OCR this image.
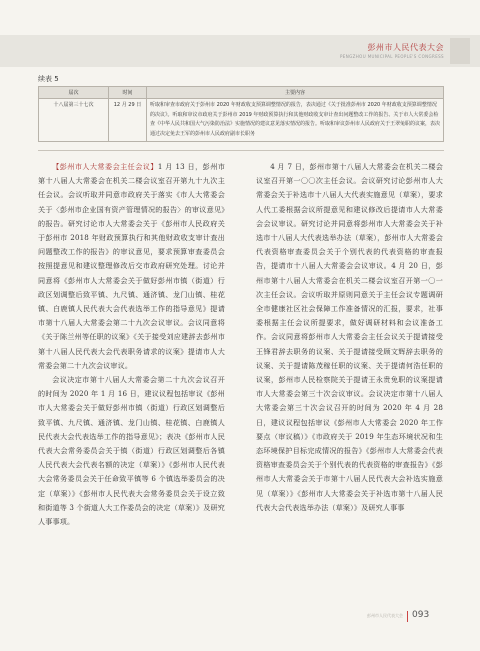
彭州市人民代表大会
PENGZHOU MUNICIPAL PEOPLE'S CONGRESS
续表 5
届次	时间	主要内容
十八届第三十七次	12 月 29 日	听取和审查市政府关于彭州市 2020 年财政收支预算调整情况的报告，表决通过《关于批准彭州市 2020 年财政收支预算调整情况的决议》。听取和审议市政府关于彭州市 2019 年财政预算执行和其他财政收支审计查出问题整改工作的报告、关于市人大常委会检查《中华人民共和国大气污染防治法》实施情况的建议意见落实情况的报告。听取和审议彭州市人民政府关于王翠兔职的议案，表决通过决定免去王军的彭州市人民政府副市长职务

【彭州市人大常委会主任会议】1 月 13 日，彭州市第十八届人大常委会在机关二楼会议室召开第九十九次主任会议。会议听取并同意市政府关于落实《市人大常委会关于〈彭州市企业国有资产管理情况的报告〉的审议意见》的报告。研究讨论市人大常委会关于《彭州市人民政府关于彭州市 2018 年财政预算执行和其他财政收支审计查出问题整改工作的报告》的审议意见，要求预算审查委员会按照提意见和建议整理修改后交市政府研究处理。讨论并同意将《彭州市人大常委会关于做好彭州市镇（街道）行政区划调整后致平镇、九尺镇、通济镇、龙门山镇、桂花镇、白鹿镇人民代表大会代表选举工作的指导意见》提请市第十八届人大常委会第二十九次会议审议。会议同意将《关于陈兰州等任职的议案》《关于接受刘应建辞去彭州市第十八届人民代表大会代表职务请求的议案》提请市人大常委会第二十九次会议审议。

会议决定市第十八届人大常委会第二十九次会议召开的时间为 2020 年 1 月 16 日，建议议程包括审议《彭州市人大常委会关于做好彭州市镇（街道）行政区划调整后致平镇、九尺镇、通济镇、龙门山镇、桂花镇、白鹿镇人民代表大会代表选举工作的指导意见》；表决《彭州市人民代表大会常务委员会关于镇（街道）行政区划调整后各镇人民代表大会代表名额的决定（草案）》《彭州市人民代表大会常务委员会关于任命致平镇等 6 个镇选举委员会的决定（草案）》《彭州市人民代表大会常务委员会关于设立致和街道等 3 个街道人大工作委员会的决定（草案）》及研究人事事项。

4 月 7 日，彭州市第十八届人大常委会在机关二楼会议室召开第一〇〇次主任会议。会议研究讨论彭州市人大常委会关于补选市十八届人大代表实施意见（草案），要求人代工委根据会议所提意见和建议修改后提请市人大常委会会议审议。研究讨论并同意将彭州市人大常委会关于补选市十八届人大代表选举办法（草案），彭州市人大常委会代表资格审查委员会关于个别代表的代表资格的审查报告，提请市十八届人大常委会会议审议。4 月 20 日，彭州市第十八届人大常委会在机关二楼会议室召开第一〇一次主任会议。会议听取并原则同意关于主任会议专题调研全市健康社区社会保障工作准备情况的汇报，要求，社事委根据主任会议所提要求，做好调研材料和会议准备工作。会议同意将彭州市人大常委会主任会议关于提请接受王锋君辞去职务的议案、关于提请接受顾文辉辞去职务的议案、关于提请陈茂稼任职的议案、关于提请何浩任职的议案，彭州市人民检察院关于提请王永贵免职的议案提请市人大常委会第三十次会议审议。会议决定市第十八届人大常委会第三十次会议召开的时间为 2020 年 4 月 28 日，建议议程包括审议《彭州市人大常委会 2020 年工作要点（审议稿）》《市政府关于 2019 年生态环境状况和生态环境保护目标完成情况的报告》《彭州市人大常委会代表资格审查委员会关于个别代表的代表资格的审查报告》《彭州市人大常委会关于市第十八届人民代表大会补选实施意见（草案）》《彭州市人大常委会关于补选市第十八届人民代表大会代表选举办法（草案）》及研究人事事

彭州市人民代表大会 093
